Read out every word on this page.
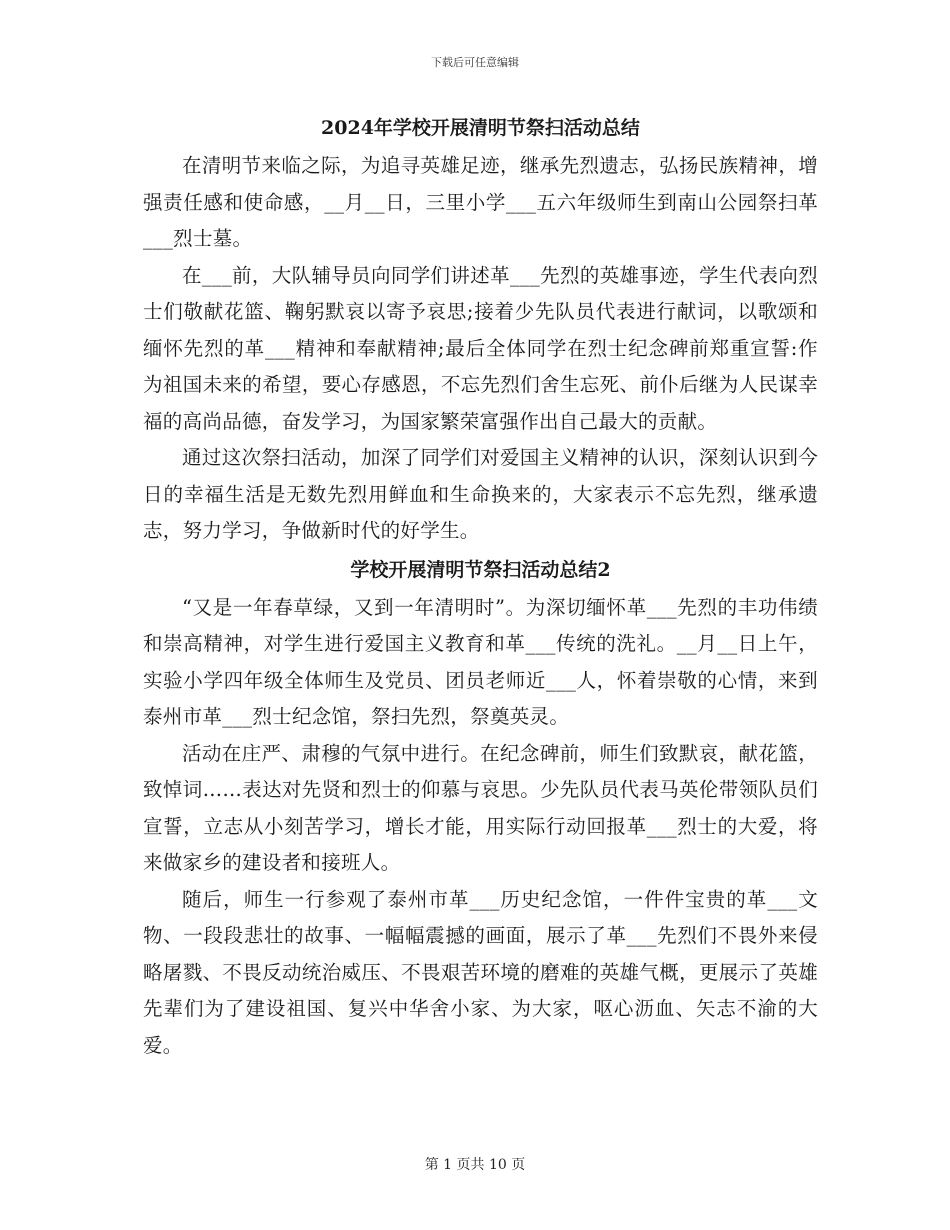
下载后可任意编辑
2024年学校开展清明节祭扫活动总结

在清明节来临之际，为追寻英雄足迹，继承先烈遗志，弘扬民族精神，增强责任感和使命感，__月__日，三里小学___五六年级师生到南山公园祭扫革___烈士墓。

在___前，大队辅导员向同学们讲述革___先烈的英雄事迹，学生代表向烈士们敬献花篮、鞠躬默哀以寄予哀思;接着少先队员代表进行献词，以歌颂和缅怀先烈的革___精神和奉献精神;最后全体同学在烈士纪念碑前郑重宣誓:作为祖国未来的希望，要心存感恩，不忘先烈们舍生忘死、前仆后继为人民谋幸福的高尚品德，奋发学习，为国家繁荣富强作出自己最大的贡献。

通过这次祭扫活动，加深了同学们对爱国主义精神的认识，深刻认识到今日的幸福生活是无数先烈用鲜血和生命换来的，大家表示不忘先烈，继承遗志，努力学习，争做新时代的好学生。

学校开展清明节祭扫活动总结2

“又是一年春草绿，又到一年清明时”。为深切缅怀革___先烈的丰功伟绩和崇高精神，对学生进行爱国主义教育和革___传统的洗礼。__月__日上午，实验小学四年级全体师生及党员、团员老师近___人，怀着崇敬的心情，来到泰州市革___烈士纪念馆，祭扫先烈，祭奠英灵。

活动在庄严、肃穆的气氛中进行。在纪念碑前，师生们致默哀，献花篮，致悼词……表达对先贤和烈士的仰慕与哀思。少先队员代表马英伦带领队员们宣誓，立志从小刻苦学习，增长才能，用实际行动回报革___烈士的大爱，将来做家乡的建设者和接班人。

随后，师生一行参观了泰州市革___历史纪念馆，一件件宝贵的革___文物、一段段悲壮的故事、一幅幅震撼的画面，展示了革___先烈们不畏外来侵略屠戮、不畏反动统治威压、不畏艰苦环境的磨难的英雄气概，更展示了英雄先辈们为了建设祖国、复兴中华舍小家、为大家，呕心沥血、矢志不渝的大爱。

第 1 页共 10 页
